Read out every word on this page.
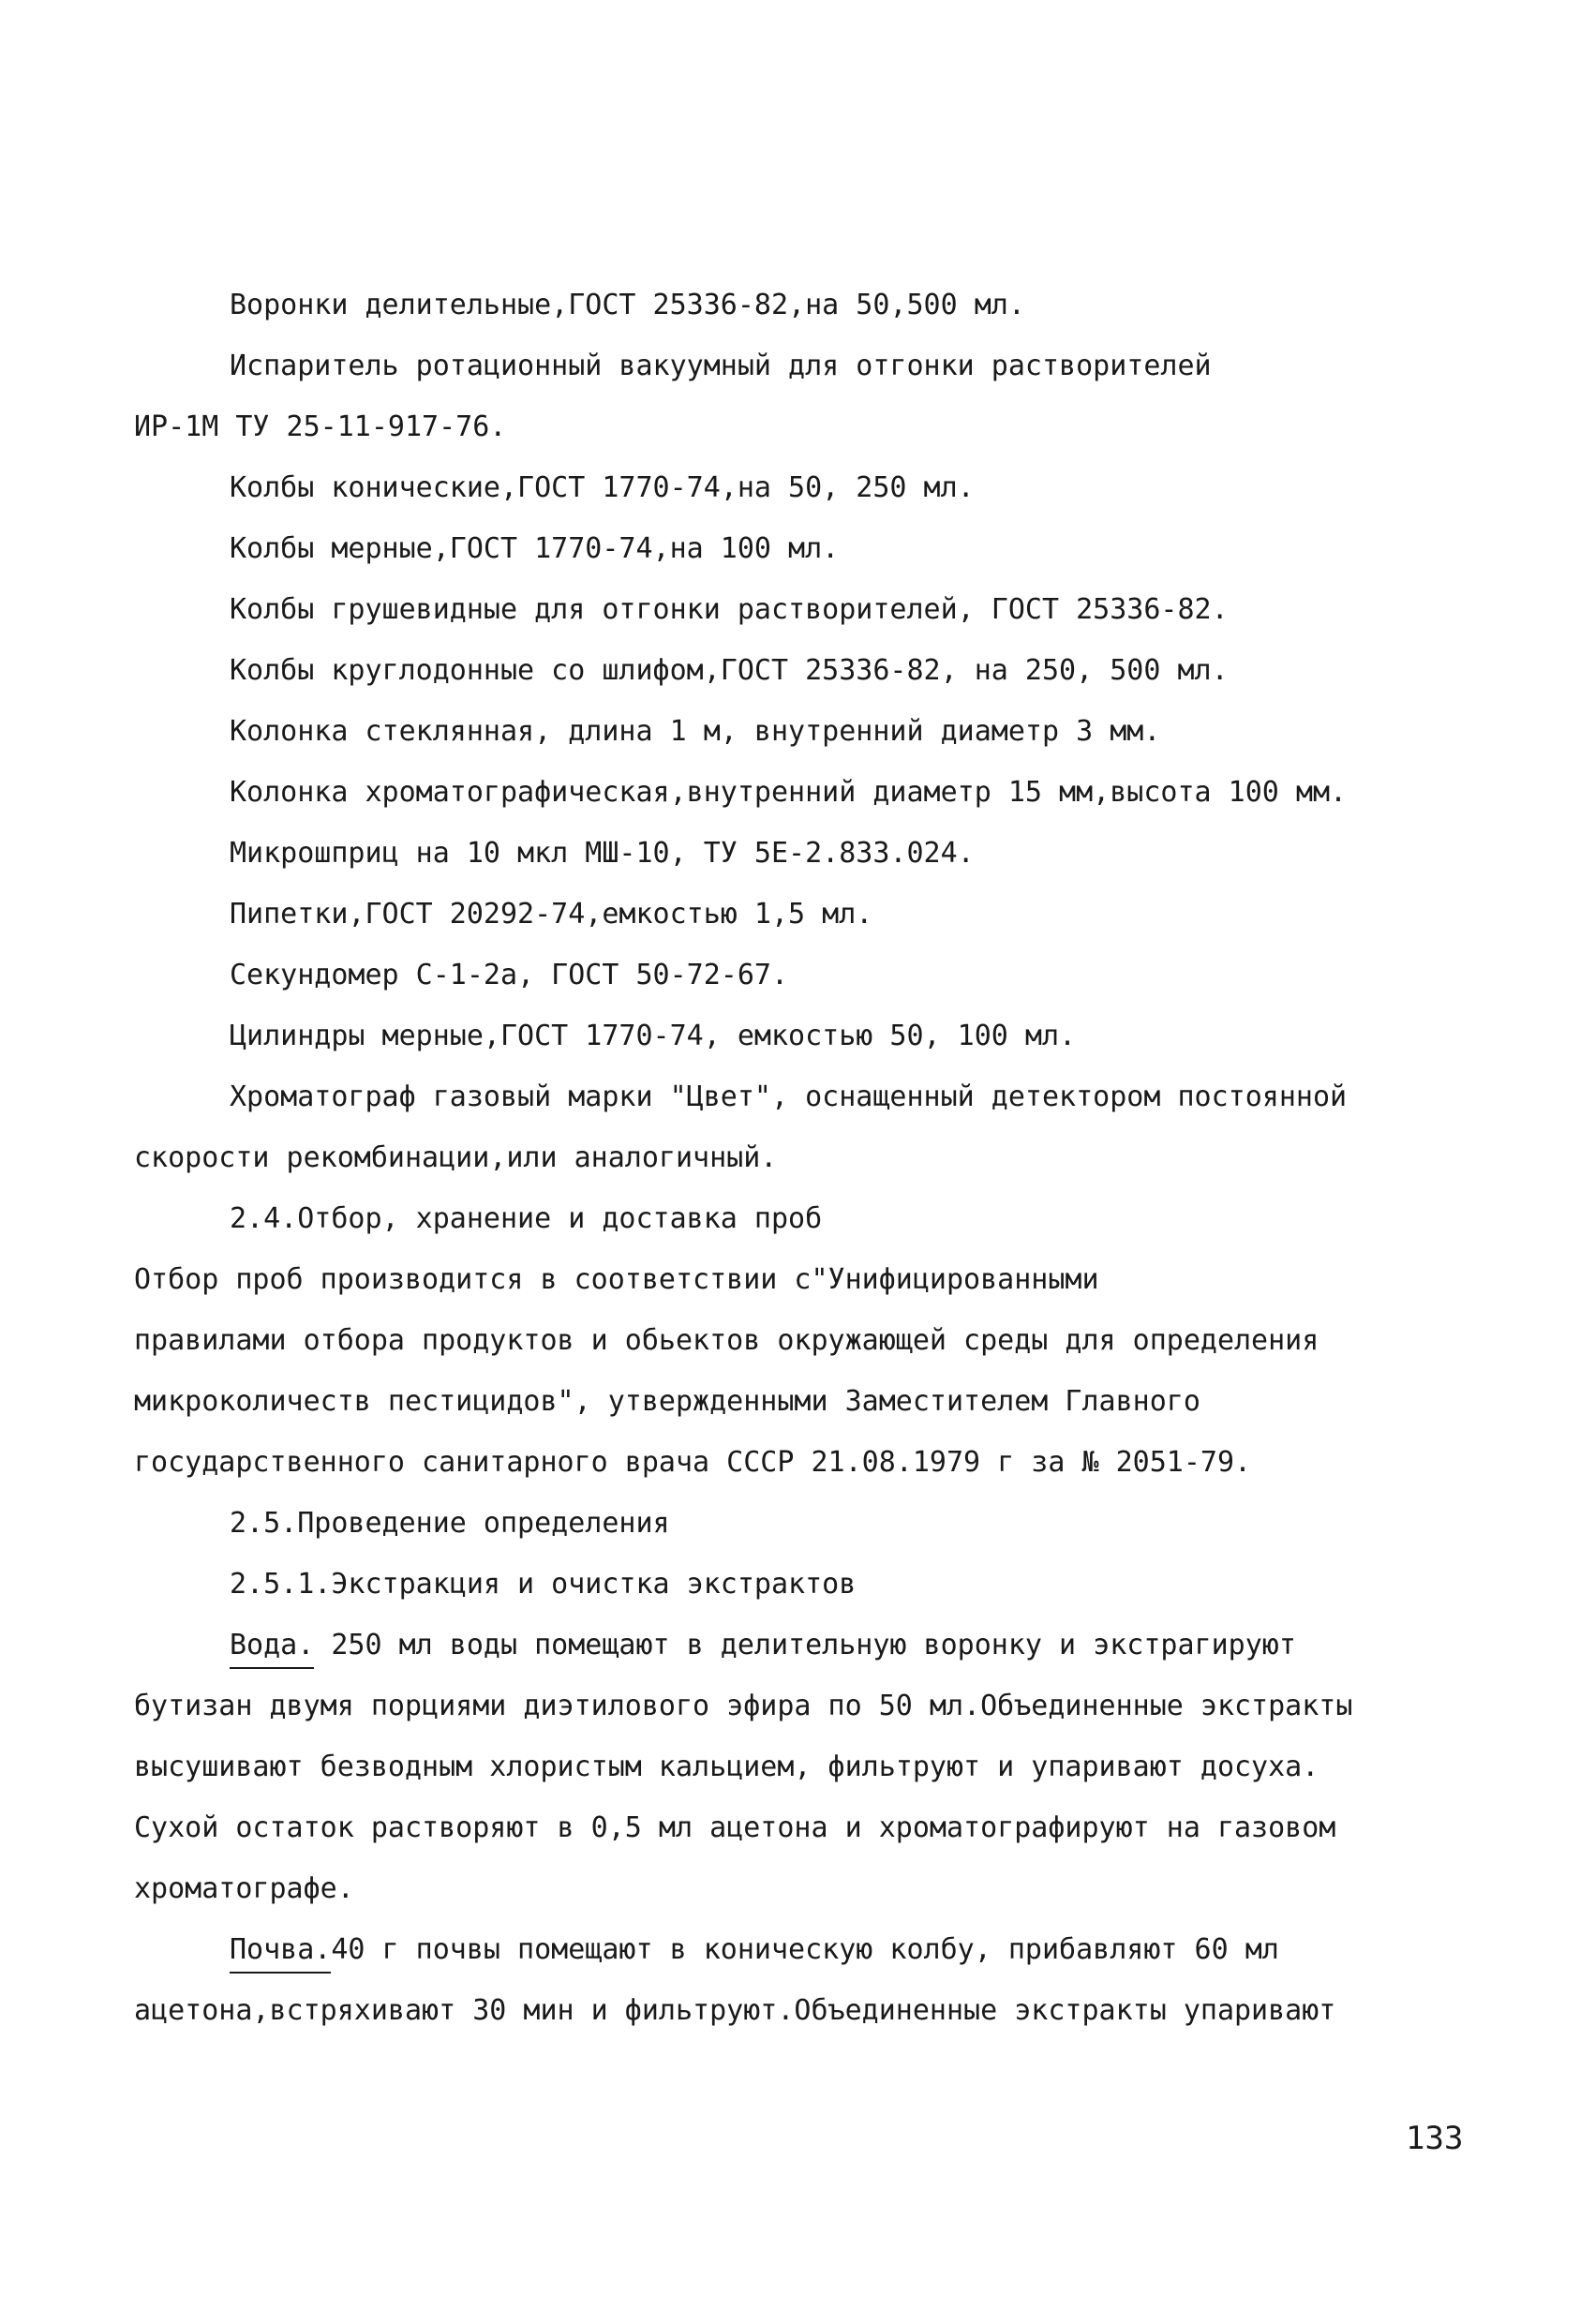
Воронки делительные,ГОСТ 25336-82,на 50,500 мл.
Испаритель ротационный вакуумный для отгонки растворителей
ИР-1М ТУ 25-11-917-76.
Колбы конические,ГОСТ 1770-74,на 50, 250 мл.
Колбы мерные,ГОСТ 1770-74,на 100 мл.
Колбы грушевидные для отгонки растворителей, ГОСТ 25336-82.
Колбы круглодонные со шлифом,ГОСТ 25336-82, на 250, 500 мл.
Колонка стеклянная, длина 1 м, внутренний диаметр 3 мм.
Колонка хроматографическая,внутренний диаметр 15 мм,высота 100 мм.
Микрошприц на 10 мкл МШ-10, ТУ 5Е-2.833.024.
Пипетки,ГОСТ 20292-74,емкостью 1,5 мл.
Секундомер С-1-2а, ГОСТ 50-72-67.
Цилиндры мерные,ГОСТ 1770-74, емкостью 50, 100 мл.
Хроматограф газовый марки "Цвет", оснащенный детектором постоянной
скорости рекомбинации,или аналогичный.
2.4.Отбор, хранение и доставка проб
Отбор проб производится в соответствии с"Унифицированными
правилами отбора продуктов и обьектов окружающей среды для определения
микроколичеств пестицидов", утвержденными Заместителем Главного
государственного санитарного врача СССР 21.08.1979 г за № 2051-79.
2.5.Проведение определения
2.5.1.Экстракция и очистка экстрактов
Вода. 250 мл воды помещают в делительную воронку и экстрагируют
бутизан двумя порциями диэтилового эфира по 50 мл.Объединенные экстракты
высушивают безводным хлористым кальцием, фильтруют и упаривают досуха.
Сухой остаток растворяют в 0,5 мл ацетона и хроматографируют на газовом
хроматографе.
Почва.40 г почвы помещают в коническую колбу, прибавляют 60 мл
ацетона,встряхивают 30 мин и фильтруют.Объединенные экстракты упаривают
133
